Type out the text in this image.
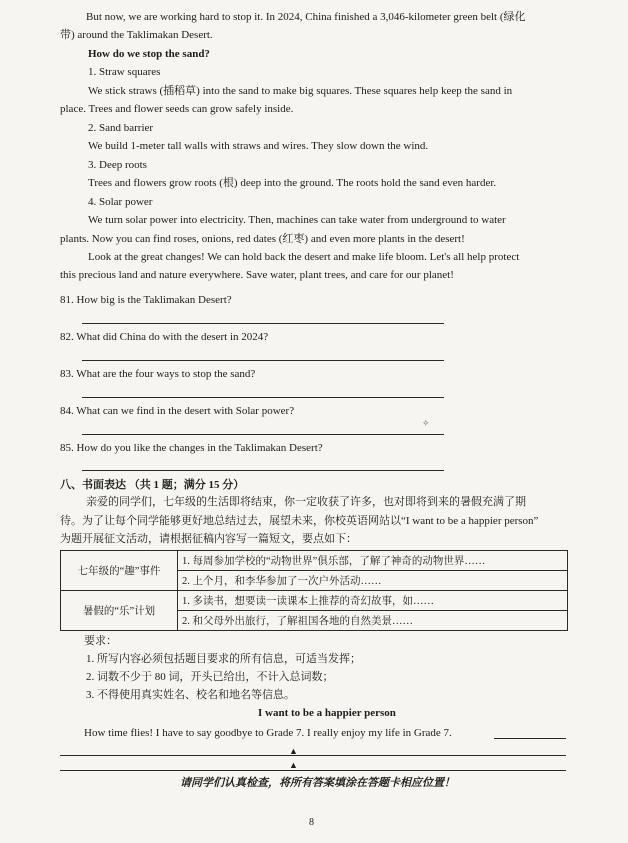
But now, we are working hard to stop it. In 2024, China finished a 3,046-kilometer green belt (绿化
带) around the Taklimakan Desert.
How do we stop the sand?
1. Straw squares
We stick straws (插稻草) into the sand to make big squares. These squares help keep the sand in
place. Trees and flower seeds can grow safely inside.
2. Sand barrier
We build 1-meter tall walls with straws and wires. They slow down the wind.
3. Deep roots
Trees and flowers grow roots (根) deep into the ground. The roots hold the sand even harder.
4. Solar power
We turn solar power into electricity. Then, machines can take water from underground to water
plants. Now you can find roses, onions, red dates (红枣) and even more plants in the desert!
Look at the great changes! We can hold back the desert and make life bloom. Let's all help protect
this precious land and nature everywhere. Save water, plant trees, and care for our planet!
81. How big is the Taklimakan Desert?
82. What did China do with the desert in 2024?
83. What are the four ways to stop the sand?
84. What can we find in the desert with Solar power?
✧
85. How do you like the changes in the Taklimakan Desert?
八、书面表达 （共 1 题；满分 15 分）
亲爱的同学们，七年级的生活即将结束，你一定收获了许多，也对即将到来的暑假充满了期
待。为了让每个同学能够更好地总结过去，展望未来，你校英语网站以“I want to be a happier person”
为题开展征文活动，请根据征稿内容写一篇短文，要点如下：
七年级的“趣”事件	1. 每周参加学校的“动物世界”俱乐部，了解了神奇的动物世界……
	2. 上个月，和李华参加了一次户外活动……
暑假的“乐”计划	1. 多读书，想要读一读课本上推荐的奇幻故事，如……
	2. 和父母外出旅行，了解祖国各地的自然美景……
要求：
1. 所写内容必须包括题目要求的所有信息，可适当发挥；
2. 词数不少于 80 词，开头已给出，不计入总词数；
3. 不得使用真实姓名、校名和地名等信息。
I want to be a happier person
How time flies! I have to say goodbye to Grade 7. I really enjoy my life in Grade 7.
▲
▲
请同学们认真检查，将所有答案填涂在答题卡相应位置！
8
